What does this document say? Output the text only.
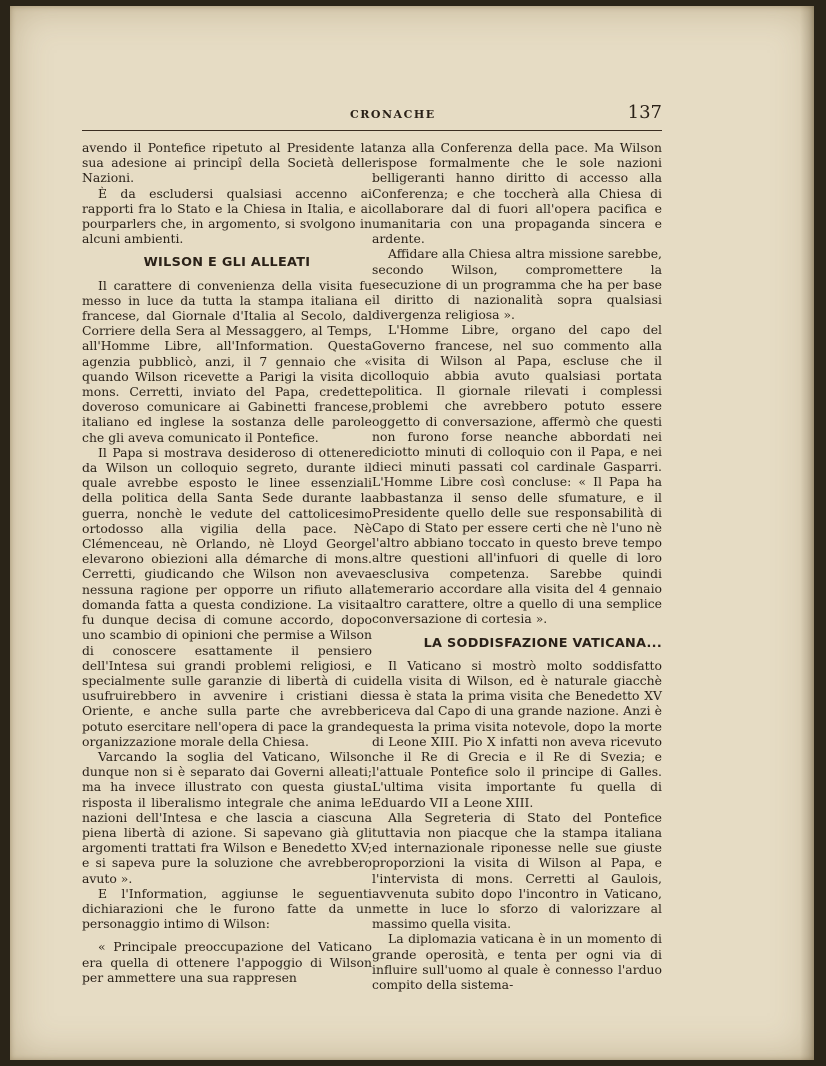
CRONACHE	137

avendo il Pontefice ripetuto al Presidente la sua adesione ai principî della Società delle Nazioni.

È da escludersi qualsiasi accenno ai rapporti fra lo Stato e la Chiesa in Italia, e ai pourparlers che, in argomento, si svolgono in alcuni ambienti.

WILSON E GLI ALLEATI

Il carattere di convenienza della visita fu messo in luce da tutta la stampa italiana e francese, dal Giornale d'Italia al Secolo, dal Corriere della Sera al Messaggero, al Temps, all'Homme Libre, all'Information. Questa agenzia pubblicò, anzi, il 7 gennaio che « quando Wilson ricevette a Parigi la visita di mons. Cerretti, inviato del Papa, credette doveroso comunicare ai Gabinetti francese, italiano ed inglese la sostanza delle parole che gli aveva comunicato il Pontefice.

Il Papa si mostrava desideroso di ottenere da Wilson un colloquio segreto, durante il quale avrebbe esposto le linee essenziali della politica della Santa Sede durante la guerra, nonchè le vedute del cattolicesimo ortodosso alla vigilia della pace. Nè Clémenceau, nè Orlando, nè Lloyd George elevarono obiezioni alla démarche di mons. Cerretti, giudicando che Wilson non aveva nessuna ragione per opporre un rifiuto alla domanda fatta a questa condizione. La visita fu dunque decisa di comune accordo, dopo uno scambio di opinioni che permise a Wilson di conoscere esattamente il pensiero dell'Intesa sui grandi problemi religiosi, e specialmente sulle garanzie di libertà di cui usufruirebbero in avvenire i cristiani di Oriente, e anche sulla parte che avrebbe potuto esercitare nell'opera di pace la grande organizzazione morale della Chiesa.

Varcando la soglia del Vaticano, Wilson dunque non si è separato dai Governi alleati; ma ha invece illustrato con questa giusta risposta il liberalismo integrale che anima le nazioni dell'Intesa e che lascia a ciascuna piena libertà di azione. Si sapevano già gli argomenti trattati fra Wilson e Benedetto XV; e si sapeva pure la soluzione che avrebbero avuto ».

E l'Information, aggiunse le seguenti dichiarazioni che le furono fatte da un personaggio intimo di Wilson:

« Principale preoccupazione del Vaticano era quella di ottenere l'appoggio di Wilson per ammettere una sua rappresen

tanza alla Conferenza della pace. Ma Wilson rispose formalmente che le sole nazioni belligeranti hanno diritto di accesso alla Conferenza; e che toccherà alla Chiesa di collaborare dal di fuori all'opera pacifica e umanitaria con una propaganda sincera e ardente.

Affidare alla Chiesa altra missione sarebbe, secondo Wilson, compromettere la esecuzione di un programma che ha per base il diritto di nazionalità sopra qualsiasi divergenza religiosa ».

L'Homme Libre, organo del capo del Governo francese, nel suo commento alla visita di Wilson al Papa, escluse che il colloquio abbia avuto qualsiasi portata politica. Il giornale rilevati i complessi problemi che avrebbero potuto essere oggetto di conversazione, affermò che questi non furono forse neanche abbordati nei diciotto minuti di colloquio con il Papa, e nei dieci minuti passati col cardinale Gasparri. L'Homme Libre così concluse: « Il Papa ha abbastanza il senso delle sfumature, e il Presidente quello delle sue responsabilità di Capo di Stato per essere certi che nè l'uno nè l'altro abbiano toccato in questo breve tempo altre questioni all'infuori di quelle di loro esclusiva competenza. Sarebbe quindi temerario accordare alla visita del 4 gennaio altro carattere, oltre a quello di una semplice conversazione di cortesia ».

LA SODDISFAZIONE VATICANA...

Il Vaticano si mostrò molto soddisfatto della visita di Wilson, ed è naturale giacchè essa è stata la prima visita che Benedetto XV riceva dal Capo di una grande nazione. Anzi è questa la prima visita notevole, dopo la morte di Leone XIII. Pio X infatti non aveva ricevuto che il Re di Grecia e il Re di Svezia; e l'attuale Pontefice solo il principe di Galles. L'ultima visita importante fu quella di Eduardo VII a Leone XIII.

Alla Segreteria di Stato del Pontefice tuttavia non piacque che la stampa italiana ed internazionale riponesse nelle sue giuste proporzioni la visita di Wilson al Papa, e l'intervista di mons. Cerretti al Gaulois, avvenuta subito dopo l'incontro in Vaticano, mette in luce lo sforzo di valorizzare al massimo quella visita.

La diplomazia vaticana è in un momento di grande operosità, e tenta per ogni via di influire sull'uomo al quale è connesso l'arduo compito della sistema-
